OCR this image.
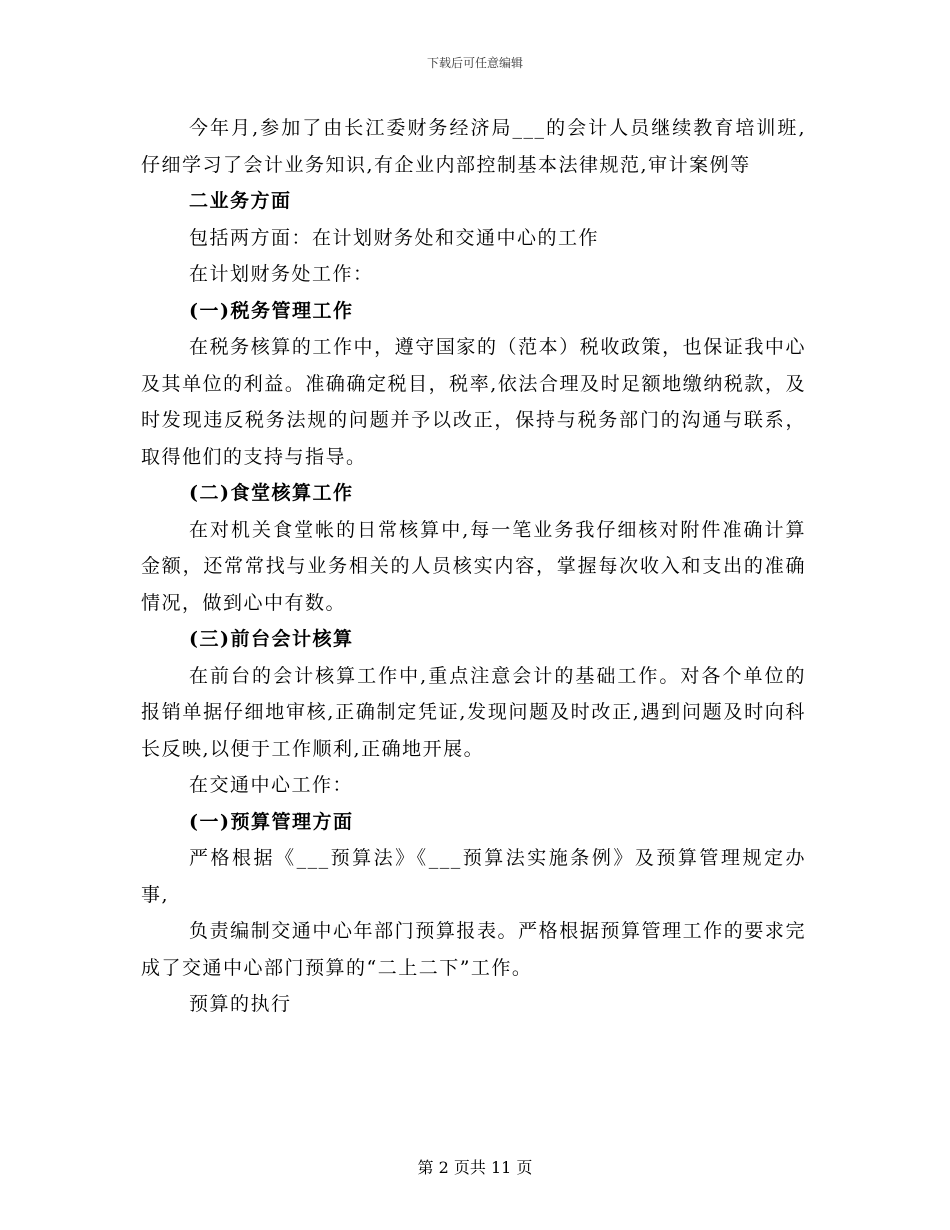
下载后可任意编辑

今年月,参加了由长江委财务经济局___的会计人员继续教育培训班,仔细学习了会计业务知识,有企业内部控制基本法律规范,审计案例等

二业务方面

包括两方面：在计划财务处和交通中心的工作

在计划财务处工作：

(一)税务管理工作

在税务核算的工作中，遵守国家的（范本）税收政策，也保证我中心及其单位的利益。准确确定税目，税率,依法合理及时足额地缴纳税款，及时发现违反税务法规的问题并予以改正，保持与税务部门的沟通与联系，取得他们的支持与指导。

(二)食堂核算工作

在对机关食堂帐的日常核算中,每一笔业务我仔细核对附件准确计算金额，还常常找与业务相关的人员核实内容，掌握每次收入和支出的准确情况，做到心中有数。

(三)前台会计核算

在前台的会计核算工作中,重点注意会计的基础工作。对各个单位的报销单据仔细地审核,正确制定凭证,发现问题及时改正,遇到问题及时向科长反映,以便于工作顺利,正确地开展。

在交通中心工作：

(一)预算管理方面

严格根据《___预算法》《___预算法实施条例》及预算管理规定办事,

负责编制交通中心年部门预算报表。严格根据预算管理工作的要求完成了交通中心部门预算的“二上二下”工作。

预算的执行

第 2 页共 11 页
